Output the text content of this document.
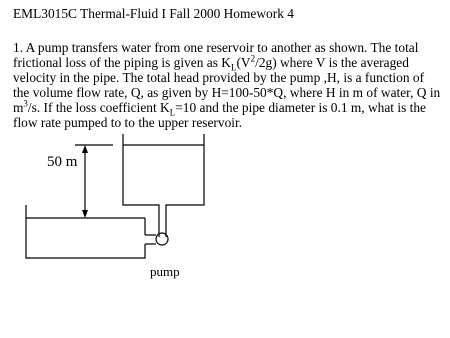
EML3015C Thermal-Fluid I Fall 2000 Homework 4
1. A pump transfers water from one reservoir to another as shown. The total frictional loss of the piping is given as $K_L(V^2/2g)$ where V is the averaged velocity in the pipe. The total head provided by the pump ,H, is a function of the volume flow rate, Q, as given by H=100-50*Q, where H in m of water, Q in $m^3/s$. If the loss coefficient $K_L=10$ and the pipe diameter is 0.1 m, what is the flow rate pumped to to the upper reservoir.
50 m
pump
